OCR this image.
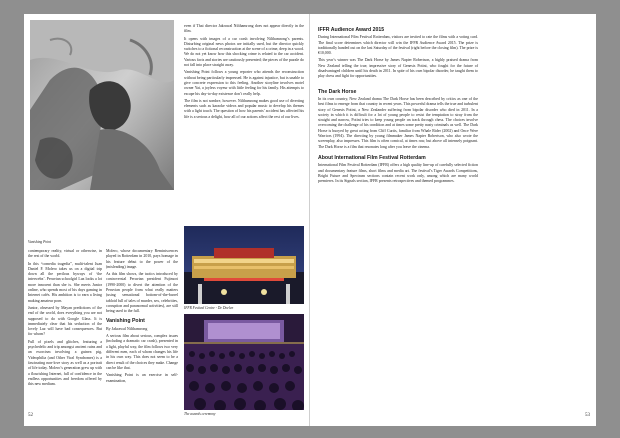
Vanishing Point

contemporary reality, virtual or otherwise, in the rest of the world.

In this “comedia tragedia”, multi-talent Juan Daniel F. Molero takes us on a digital trip down all the perilous byways of ‘the interwebz’. Peruvian schoolgirl Luz looks a lot more innocent than she is. She meets Junior online, who spends most of his days gaming in Internet cafés. His ambition is to earn a living making amateur porn.

Junior, obsessed by Mayan predictions of the end of the world, does everything you are not supposed to do with Google Glass. It is immediately clear that his seduction of the lovely Luz will have bad consequences. But for whom?

Full of pixels and glitches, featuring a psychedelic and trip amongst ancient ruins and an exorcism involving a guinea pig, Videophilia (and Other Viral Syndromes) is a fascinating non-love story as well as a portrait of life today. Molero’s generation grew up with a flourishing Internet, full of confidence in the endless opportunities and freedom offered by this new medium.

Molero, whose documentary Reminiscences played in Rotterdam in 2010, pays homage in his feature debut to the power of the (misleading) image.

As this film shows, the tactics introduced by controversial Peruvian president Fujimori (1990-2000) to divert the attention of the Peruvian people from what really matters (using sensational bottom-of-the-barrel tabloid full of tales of murder, sex, celebrities, corruption and paranormal activities), are still being used to the full.

Vanishing Point

By Jakrawal Nilthamrong

A serious film about serious, complex issues (including a dramatic car crash), presented in a light, playful way, the film follows two very different men, each of whom changes his life in his own way. This does not seem to be a direct result of the choices they make. Change can be like that.

Vanishing Point is an exercise in self-examination,

even if Thai director Jakrawal Nilthamrong does not appear directly in the film.

It opens with images of a car crash involving Nilthamrong’s parents. Disturbing original news photos are initially used, but the director quickly switches to a fictional reconstruction at the scene of a crime, deep in a wood. We do not yet know how this shocking crime is related to the car accident. Various facts and stories are cautiously presented; the pieces of the puzzle do not fall into place straight away.

Vanishing Point follows a young reporter who attends the reconstruction without being particularly impressed. He is against injustice, but is unable to give concrete expression to this feeling. Another storyline involves motel owner Yai, a joyless voyeur with little feeling for his family. His attempts to escape his day-to-day existence don’t really help.

The film is not sombre, however. Nilthamrong makes good use of diverting elements such as karaoke videos and popular music to develop his themes with a light touch. The question of how his parents’ accident has affected his life is a serious a delight, how all of our actions affect the rest of our lives.

IFFR Festival Centre - De Doelen
The awards ceremony
52
IFFR Audience Award 2015

During International Film Festival Rotterdam, visitors are invited to rate the films with a voting card. The final score determines which director will win the IFFR Audience Award 2015. The prize is traditionally handed out on the last Saturday of the festival (right before the closing film). The prize is €10,000.

This year’s winner was The Dark Horse by James Napier Robertson, a highly praised drama from New Zealand telling the true, impressive story of Genesis Potini, who fought for the future of disadvantaged children until his death in 2011. In spite of his own bipolar disorder, he taught them to play chess and fight for opportunities.

The Dark Horse

In its own country, New Zealand drama The Dark Horse has been described by critics as one of the best films to emerge from that country in recent years. This powerful drama tells the true and turbulent story of Genesis Potini, a New Zealander suffering from bipolar disorder who died in 2011. In a society in which it is difficult for a lot of young people to resist the temptation to stray from the straight and narrow, Potini tries to keep young people on track through chess. The choices involve overcoming the challenge of his condition and at times some pretty nasty criminals as well. The Dark Horse is buoyed by great acting from Cliff Curtis, familiar from Whale Rider (2002) and Once Were Warriors (1994). The directing by young filmmaker James Napier Robertson, who also wrote the screenplay, also impresses. This film is often comical, at times raw, but above all intensely poignant. The Dark Horse is a film that resonates long after you leave the cinema.

About International Film Festival Rotterdam

International Film Festival Rotterdam (IFFR) offers a high quality line-up of carefully selected fiction and documentary feature films, short films and media art. The festival’s Tiger Awards Competitions, Bright Future and Spectrum sections contain recent work only, among which are many world premieres. In its Signals section, IFFR presents retrospectives and themed programmes.

53
